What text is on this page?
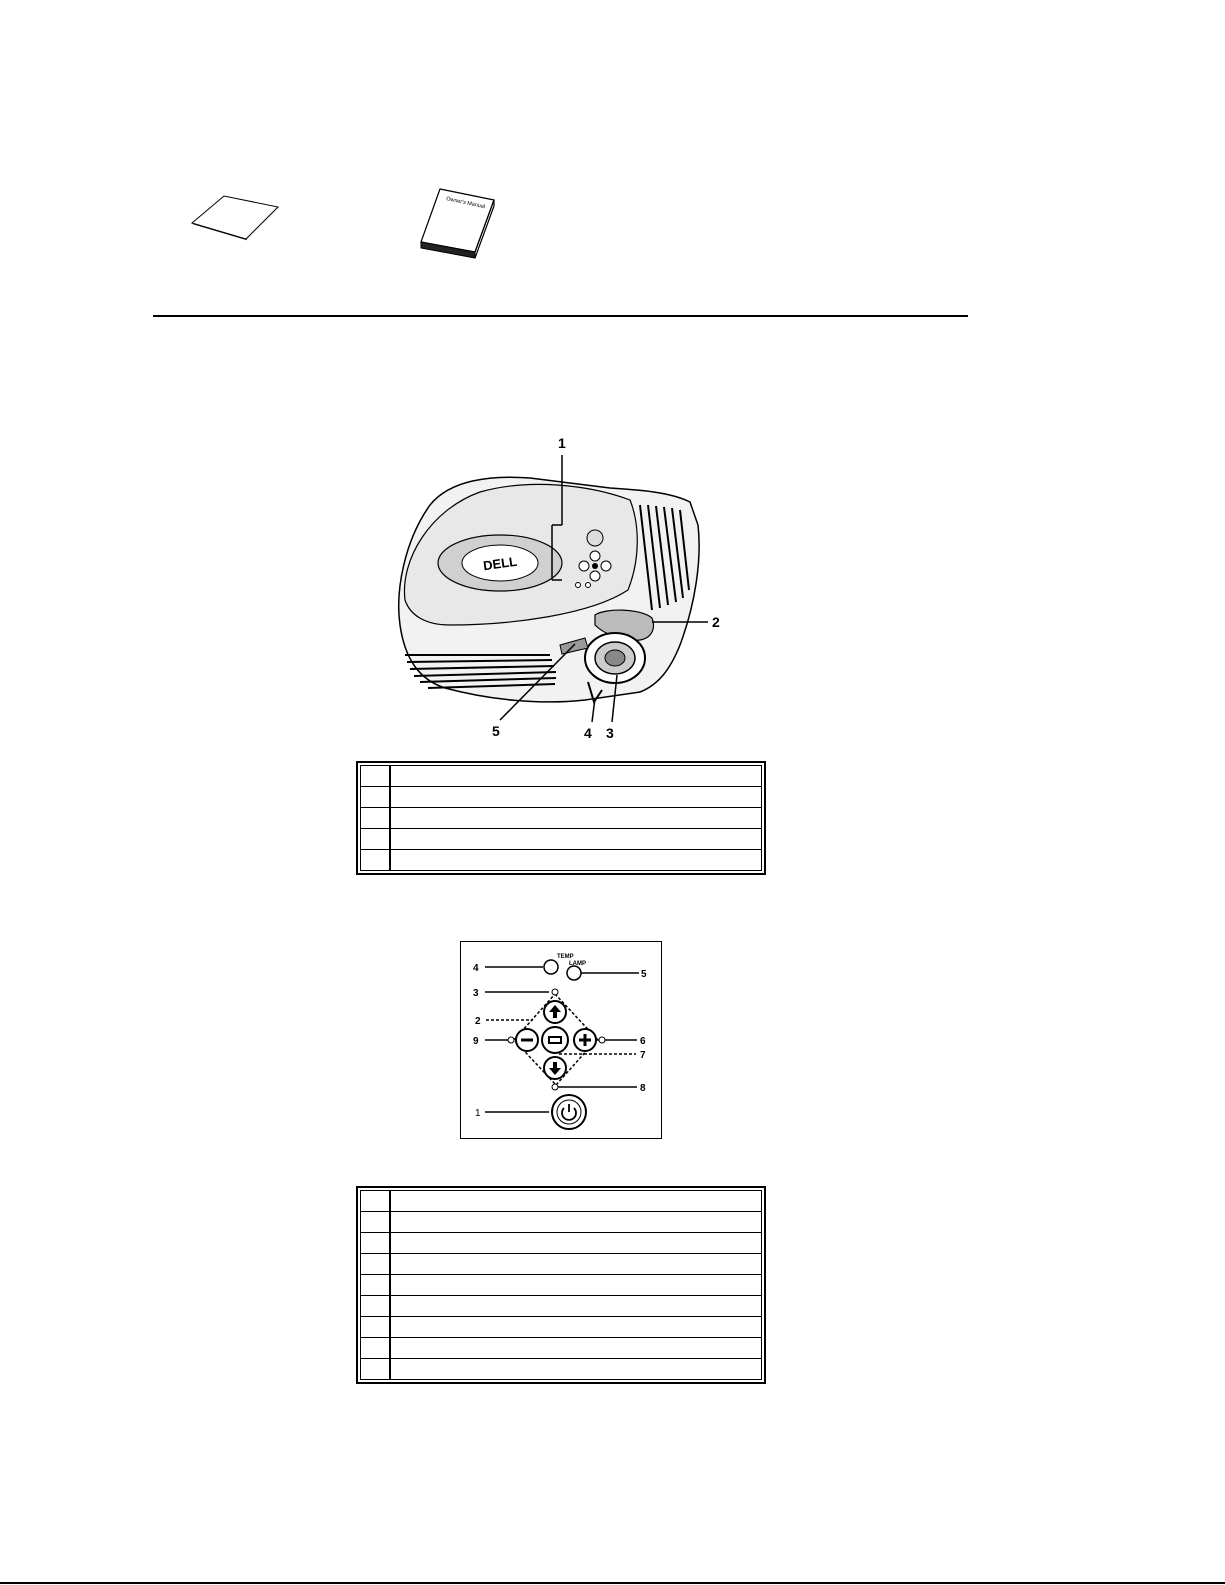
Owner's Manual
DELL
1
2
3
4
5

TEMP
LAMP
4
5
3
2
9	6
7
8
1
